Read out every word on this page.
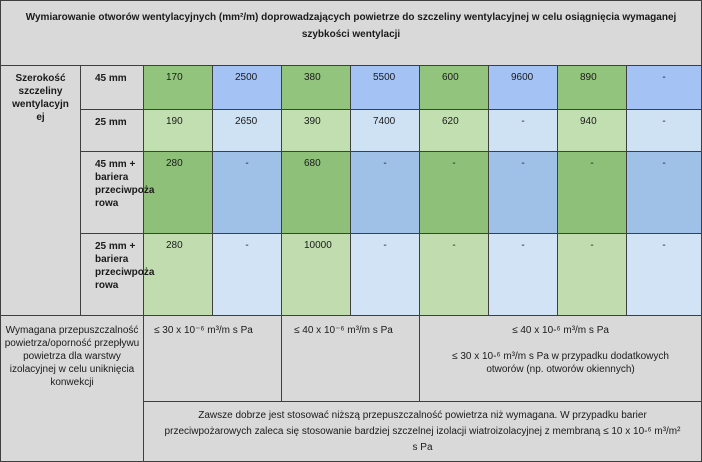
Wymiarowanie otworów wentylacyjnych (mm²/m) doprowadzających powietrze do szczeliny wentylacyjnej w celu osiągnięcia wymaganej szybkości wentylacji									
Szerokość
szczeliny
wentylacyjn
ej	45 mm	170	2500	380	5500	600	9600	890	-
	25 mm	190	2650	390	7400	620	-	940	-
	45 mm +
bariera
przeciwpoża
rowa	280	-	680	-	-	-	-	-
	25 mm +
bariera
przeciwpoża
rowa	280	-	10000	-	-	-	-	-
Wymagana przepuszczalność powietrza/oporność przepływu powietrza dla warstwy izolacyjnej w celu uniknięcia konwekcji		≤ 30 x 10⁻⁶ m³/m s Pa		≤ 40 x 10⁻⁶ m³/m s Pa		≤ 40 x 10-⁶ m³/m s Pa
≤ 30 x 10-⁶ m³/m s Pa w przypadku dodatkowych otworów (np. otworów okiennych)			
		Zawsze dobrze jest stosować niższą przepuszczalność powietrza niż wymagana. W przypadku barier przeciwpożarowych zaleca się stosowanie bardziej szczelnej izolacji wiatroizolacyjnej z membraną ≤ 10 x 10-⁶ m³/m² s Pa							
